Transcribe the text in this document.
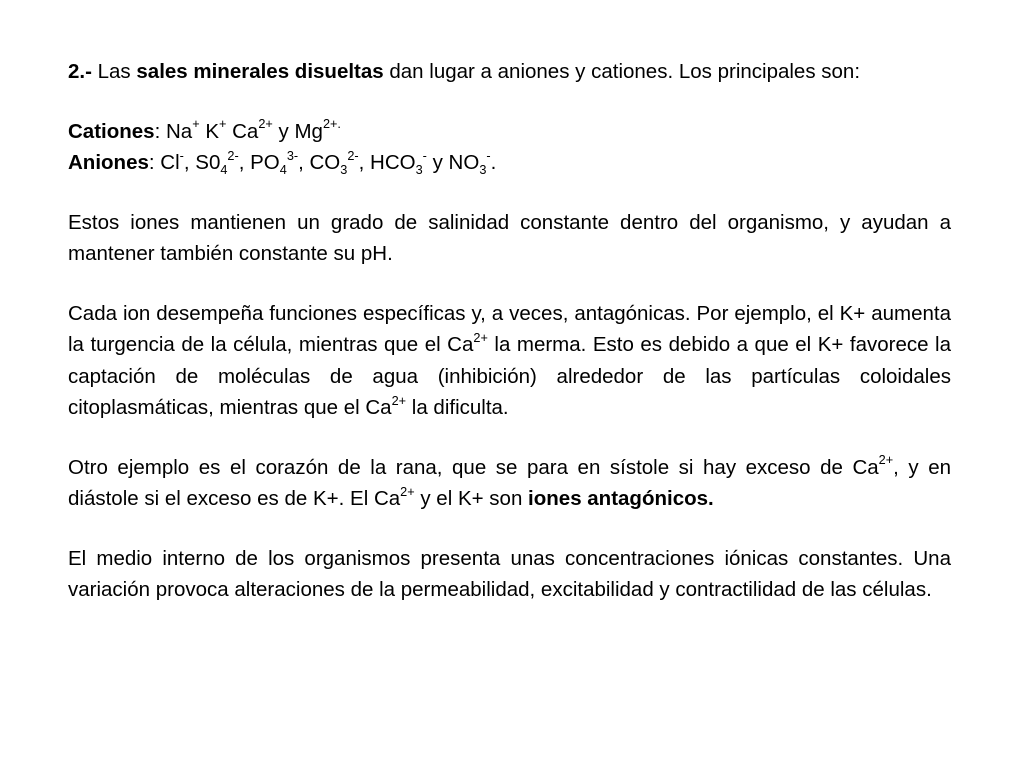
2.- Las sales minerales disueltas dan lugar a aniones y cationes. Los principales son:

Cationes: Na+ K+ $Ca^{2+}$ y $Mg^{2+.}$

Aniones: Cl-, $S0_4^{2-}$, $PO_4^{3-}$, $CO_3^{2-}$, $HCO_3^-$ y $NO_3^-$.

Estos iones mantienen un grado de salinidad constante dentro del organismo, y ayudan a mantener también constante su pH.

Cada ion desempeña funciones específicas y, a veces, antagónicas. Por ejemplo, el K+ aumenta la turgencia de la célula, mientras que el $Ca^{2+}$ la merma. Esto es debido a que el K+ favorece la captación de moléculas de agua (inhibición) alrededor de las partículas coloidales citoplasmáticas, mientras que el $Ca^{2+}$ la dificulta.

Otro ejemplo es el corazón de la rana, que se para en sístole si hay exceso de $Ca^{2+}$, y en diástole si el exceso es de K+. El $Ca^{2+}$ y el K+ son iones antagónicos.

El medio interno de los organismos presenta unas concentraciones iónicas constantes. Una variación provoca alteraciones de la permeabilidad, excitabilidad y contractilidad de las células.
